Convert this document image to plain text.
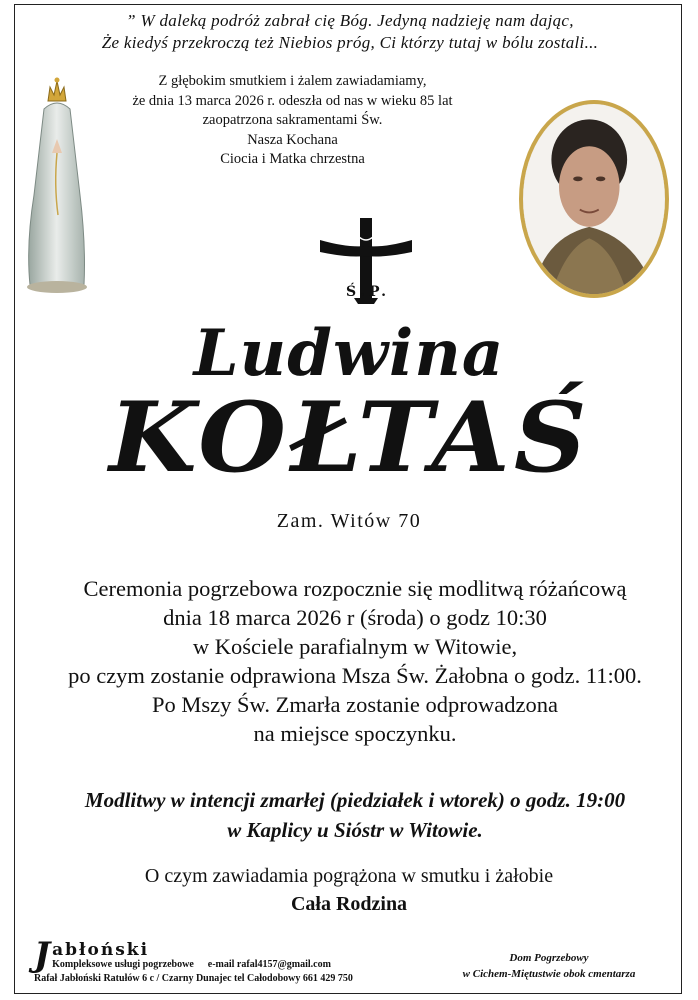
” W daleką podróż zabrał cię Bóg. Jedyną nadzieję nam dając,
Że kiedyś przekroczą też Niebios próg, Ci którzy tutaj w bólu zostali...
Z głębokim smutkiem i żalem zawiadamiamy,
że dnia 13 marca 2026 r. odeszła od nas w wieku 85 lat
zaopatrzona sakramentami Św.
Nasza Kochana
Ciocia i Matka chrzestna
Ś.P.
Ludwina
KOŁTAŚ
Zam. Witów 70
Ceremonia pogrzebowa rozpocznie się modlitwą różańcową
dnia 18 marca 2026 r (środa) o godz 10:30
w Kościele parafialnym w Witowie,
po czym zostanie odprawiona Msza Św. Żałobna o godz. 11:00.
Po Mszy Św. Zmarła zostanie odprowadzona
na miejsce spoczynku.
Modlitwy w intencji zmarłej (piedziałek i wtorek) o godz. 19:00
w Kaplicy u Sióstr w Witowie.
O czym zawiadamia pogrążona w smutku i żałobie
Cała Rodzina
J abłoński
Kompleksowe usługi pogrzebowe e-mail rafal4157@gmail.com
Rafał Jabłoński Ratułów 6 c / Czarny Dunajec tel Całodobowy 661 429 750
Dom Pogrzebowy
w Cichem-Miętustwie obok cmentarza
